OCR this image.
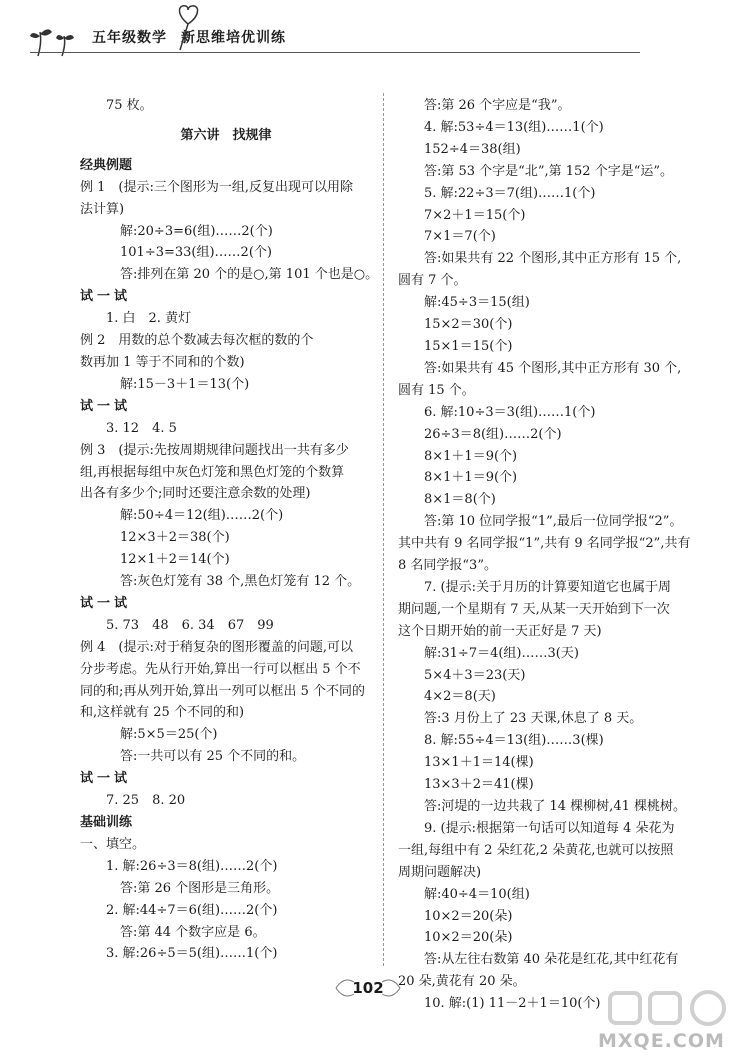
五年级数学 新思维培优训练
75 枚。
第六讲　找规律
经典例题
例 1　(提示:三个图形为一组,反复出现可以用除
法计算)
解:20÷3=6(组)……2(个)
101÷3=33(组)……2(个)
答:排列在第 20 个的是○,第 101 个也是○。
试一试
1. 白　2. 黄灯
例 2　用数的总个数减去每次框的数的个
数再加 1 等于不同和的个数)
解:15－3＋1＝13(个)
试一试
3. 12　4. 5
例 3　(提示:先按周期规律问题找出一共有多少
组,再根据每组中灰色灯笼和黑色灯笼的个数算
出各有多少个;同时还要注意余数的处理)
解:50÷4＝12(组)……2(个)
12×3＋2＝38(个)
12×1＋2＝14(个)
答:灰色灯笼有 38 个,黑色灯笼有 12 个。
试一试
5. 73　48　6. 34　67　99
例 4　(提示:对于稍复杂的图形覆盖的问题,可以
分步考虑。先从行开始,算出一行可以框出 5 个不
同的和;再从列开始,算出一列可以框出 5 个不同的
和,这样就有 25 个不同的和)
解:5×5＝25(个)
答:一共可以有 25 个不同的和。
试一试
7. 25　8. 20
基础训练
一、填空。
1. 解:26÷3＝8(组)……2(个)
答:第 26 个图形是三角形。
2. 解:44÷7＝6(组)……2(个)
答:第 44 个数字应是 6。
3. 解:26÷5＝5(组)……1(个)
答:第 26 个字应是“我”。
4. 解:53÷4＝13(组)……1(个)
152÷4＝38(组)
答:第 53 个字是“北”,第 152 个字是“运”。
5. 解:22÷3＝7(组)……1(个)
7×2＋1＝15(个)
7×1＝7(个)
答:如果共有 22 个图形,其中正方形有 15 个,
圆有 7 个。
解:45÷3＝15(组)
15×2＝30(个)
15×1＝15(个)
答:如果共有 45 个图形,其中正方形有 30 个,
圆有 15 个。
6. 解:10÷3＝3(组)……1(个)
26÷3＝8(组)……2(个)
8×1＋1＝9(个)
8×1＋1＝9(个)
8×1＝8(个)
答:第 10 位同学报“1”,最后一位同学报“2”。
其中共有 9 名同学报“1”,共有 9 名同学报“2”,共有
8 名同学报“3”。
7. (提示:关于月历的计算要知道它也属于周
期问题,一个星期有 7 天,从某一天开始到下一次
这个日期开始的前一天正好是 7 天)
解:31÷7＝4(组)……3(天)
5×4＋3＝23(天)
4×2＝8(天)
答:3 月份上了 23 天课,休息了 8 天。
8. 解:55÷4＝13(组)……3(棵)
13×1＋1＝14(棵)
13×3＋2＝41(棵)
答:河堤的一边共栽了 14 棵柳树,41 棵桃树。
9. (提示:根据第一句话可以知道每 4 朵花为
一组,每组中有 2 朵红花,2 朵黄花,也就可以按照
周期问题解决)
解:40÷4＝10(组)
10×2＝20(朵)
10×2＝20(朵)
答:从左往右数第 40 朵花是红花,其中红花有
20 朵,黄花有 20 朵。
10. 解:(1) 11－2＋1＝10(个)
102
MXQE.COM
